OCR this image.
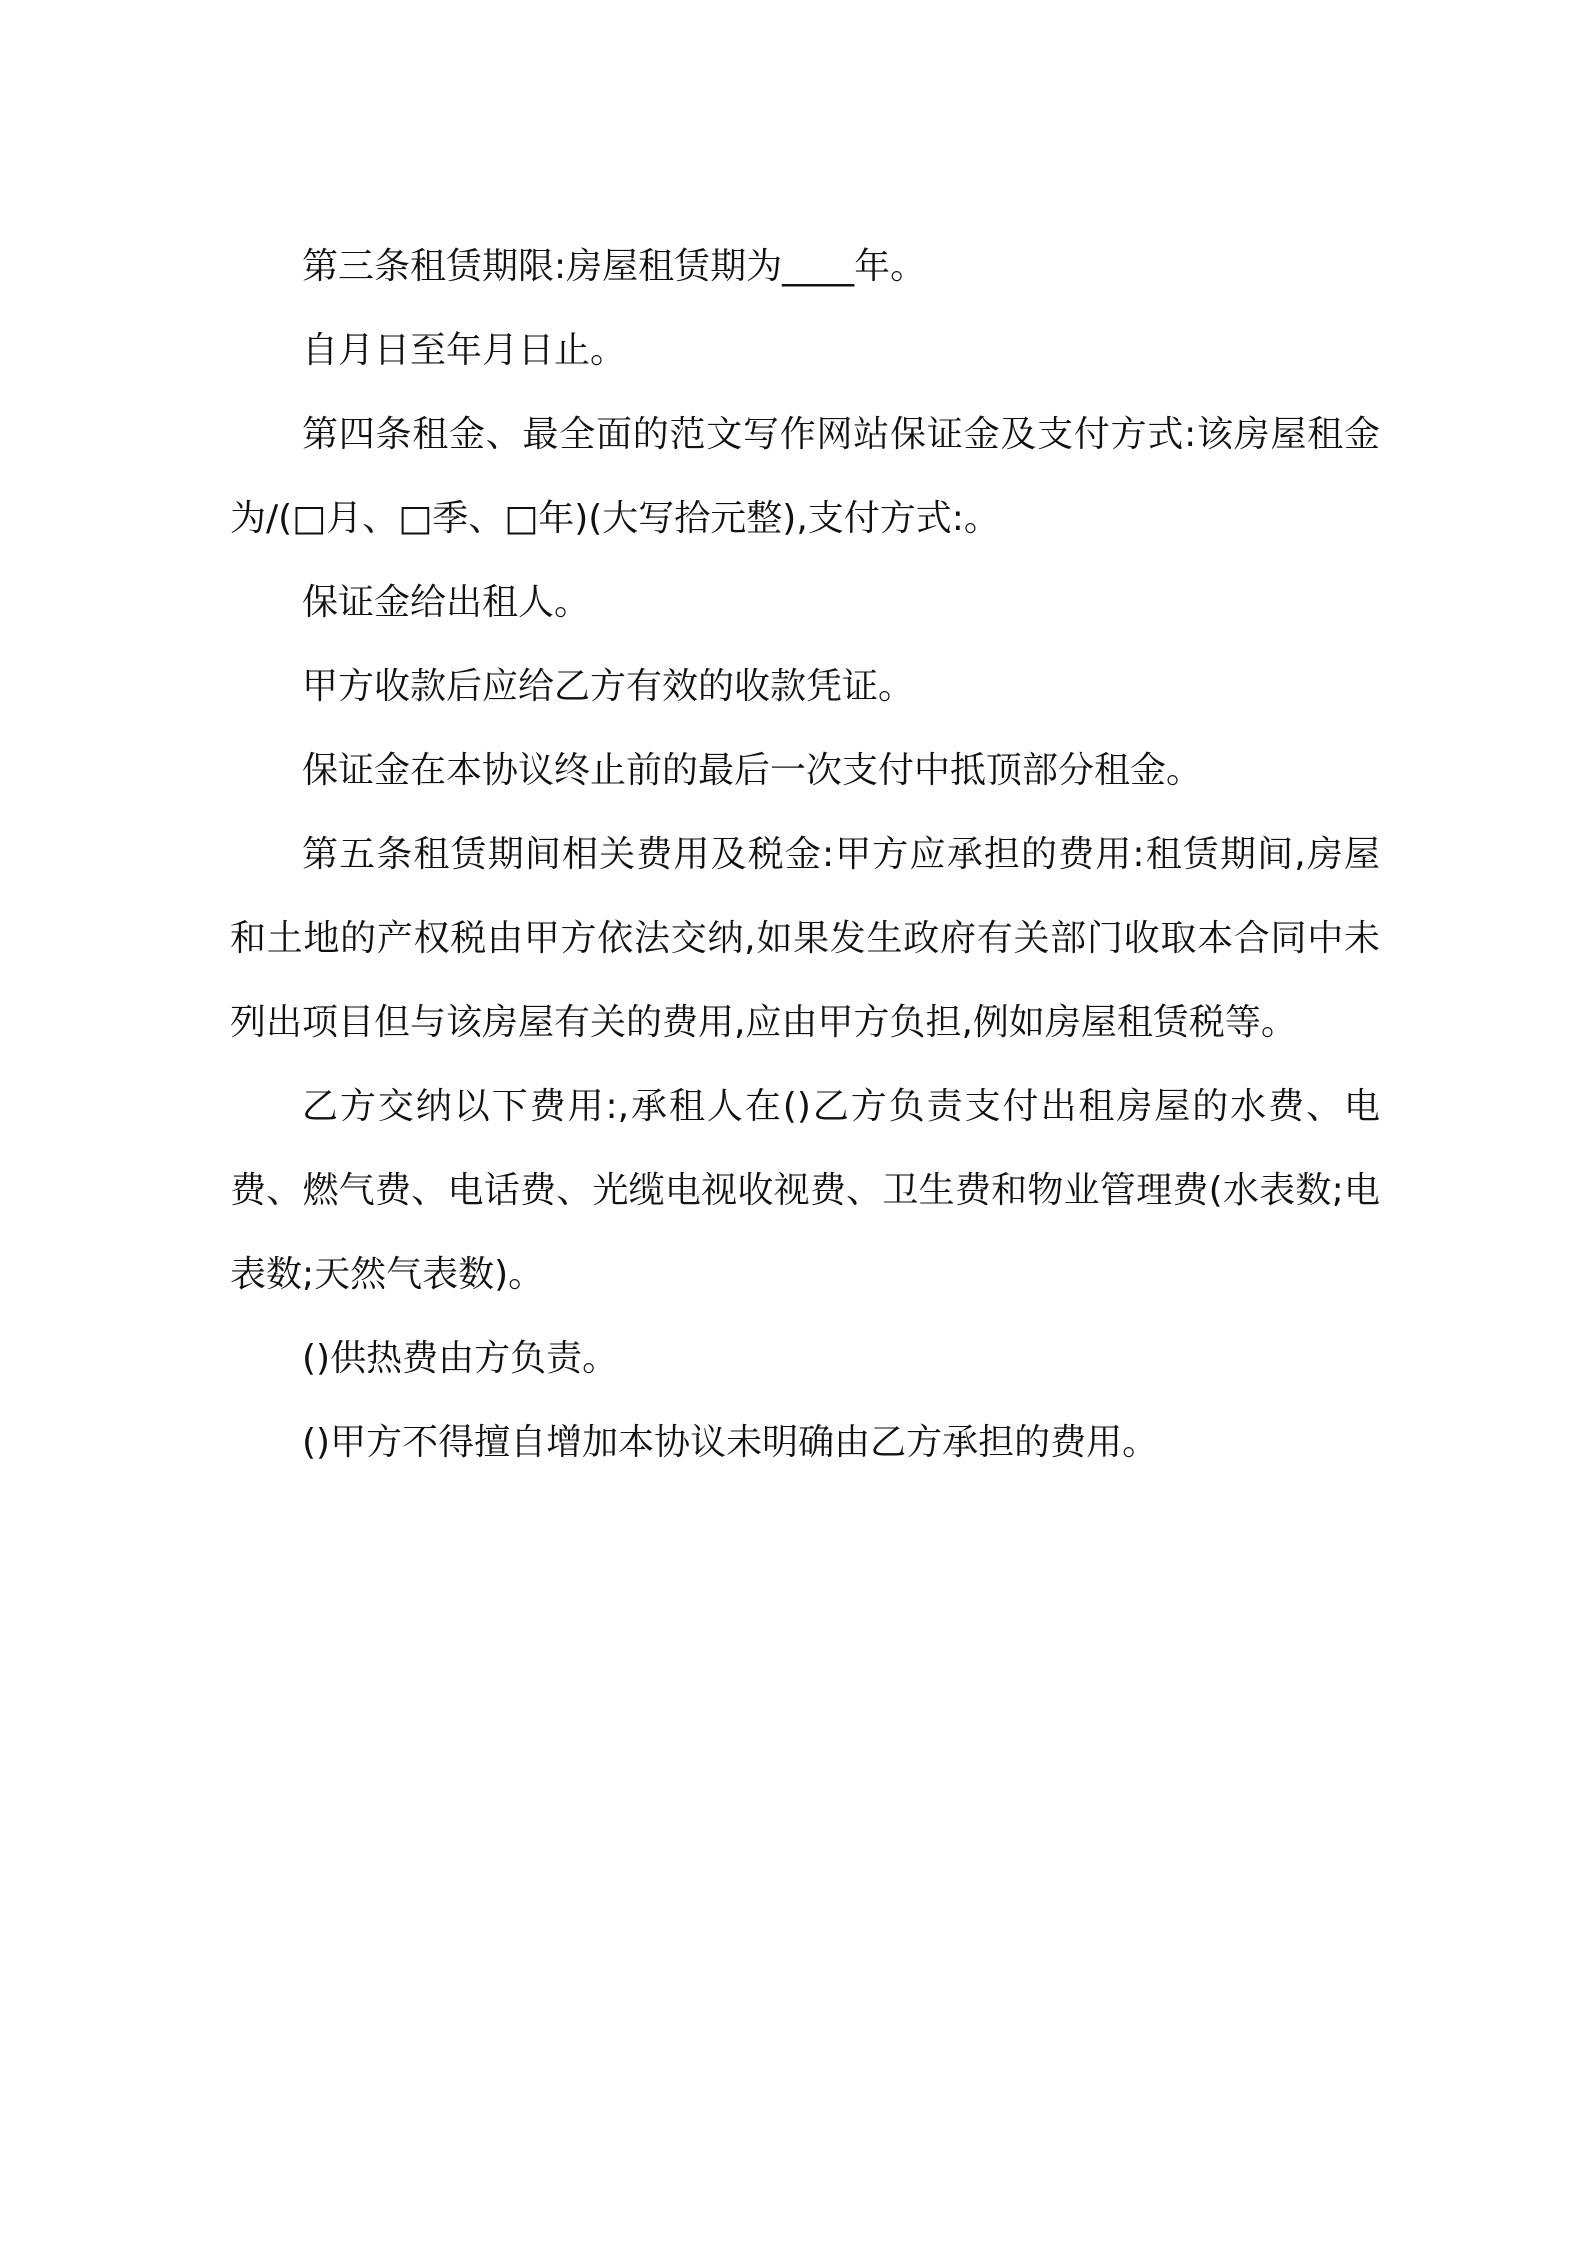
第三条租赁期限:房屋租赁期为____年。

自月日至年月日止。

第四条租金、最全面的范文写作网站保证金及支付方式:该房屋租金为/(□月、□季、□年)(大写拾元整),支付方式:。

保证金给出租人。

甲方收款后应给乙方有效的收款凭证。

保证金在本协议终止前的最后一次支付中抵顶部分租金。

第五条租赁期间相关费用及税金:甲方应承担的费用:租赁期间,房屋和土地的产权税由甲方依法交纳,如果发生政府有关部门收取本合同中未列出项目但与该房屋有关的费用,应由甲方负担,例如房屋租赁税等。

乙方交纳以下费用:,承租人在()乙方负责支付出租房屋的水费、电费、燃气费、电话费、光缆电视收视费、卫生费和物业管理费(水表数;电表数;天然气表数)。

()供热费由方负责。

()甲方不得擅自增加本协议未明确由乙方承担的费用。
